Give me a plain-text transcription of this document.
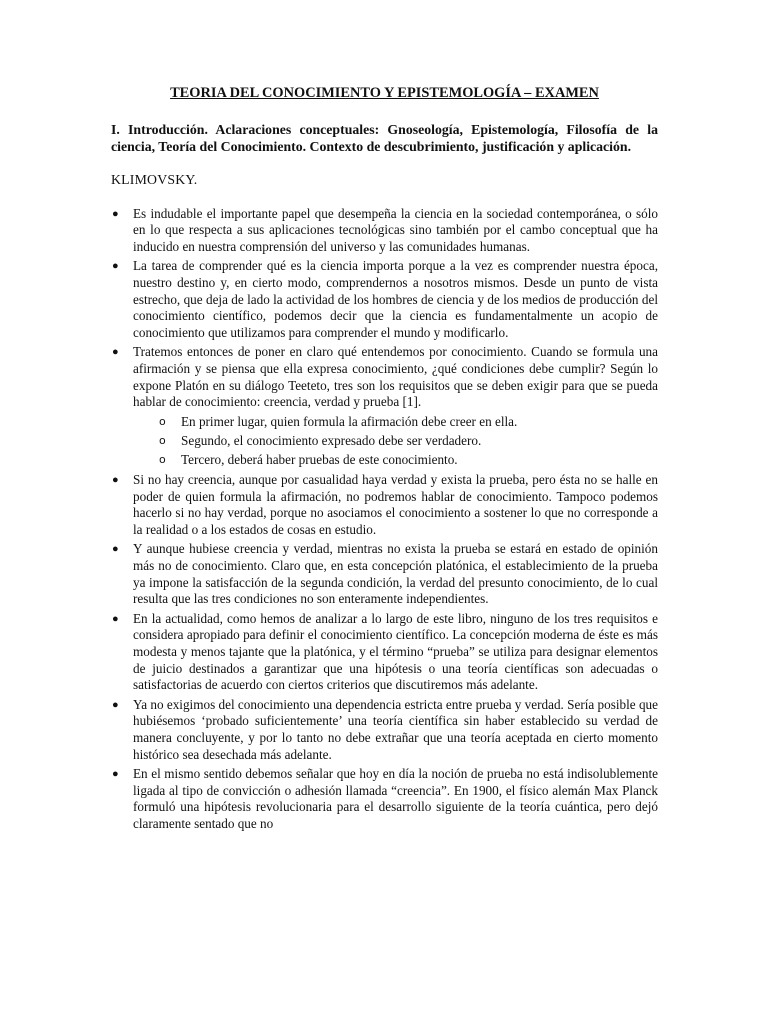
TEORIA DEL CONOCIMIENTO Y EPISTEMOLOGÍA – EXAMEN
I. Introducción. Aclaraciones conceptuales: Gnoseología, Epistemología, Filosofía de la ciencia, Teoría del Conocimiento. Contexto de descubrimiento, justificación y aplicación.
KLIMOVSKY.
● Es indudable el importante papel que desempeña la ciencia en la sociedad contemporánea, o sólo en lo que respecta a sus aplicaciones tecnológicas sino también por el cambo conceptual que ha inducido en nuestra comprensión del universo y las comunidades humanas.
● La tarea de comprender qué es la ciencia importa porque a la vez es comprender nuestra época, nuestro destino y, en cierto modo, comprendernos a nosotros mismos. Desde un punto de vista estrecho, que deja de lado la actividad de los hombres de ciencia y de los medios de producción del conocimiento científico, podemos decir que la ciencia es fundamentalmente un acopio de conocimiento que utilizamos para comprender el mundo y modificarlo.
● Tratemos entonces de poner en claro qué entendemos por conocimiento. Cuando se formula una afirmación y se piensa que ella expresa conocimiento, ¿qué condiciones debe cumplir? Según lo expone Platón en su diálogo Teeteto, tres son los requisitos que se deben exigir para que se pueda hablar de conocimiento: creencia, verdad y prueba [1].
o En primer lugar, quien formula la afirmación debe creer en ella.
o Segundo, el conocimiento expresado debe ser verdadero.
o Tercero, deberá haber pruebas de este conocimiento.
● Si no hay creencia, aunque por casualidad haya verdad y exista la prueba, pero ésta no se halle en poder de quien formula la afirmación, no podremos hablar de conocimiento. Tampoco podemos hacerlo si no hay verdad, porque no asociamos el conocimiento a sostener lo que no corresponde a la realidad o a los estados de cosas en estudio.
● Y aunque hubiese creencia y verdad, mientras no exista la prueba se estará en estado de opinión más no de conocimiento. Claro que, en esta concepción platónica, el establecimiento de la prueba ya impone la satisfacción de la segunda condición, la verdad del presunto conocimiento, de lo cual resulta que las tres condiciones no son enteramente independientes.
● En la actualidad, como hemos de analizar a lo largo de este libro, ninguno de los tres requisitos e considera apropiado para definir el conocimiento científico. La concepción moderna de éste es más modesta y menos tajante que la platónica, y el término “prueba” se utiliza para designar elementos de juicio destinados a garantizar que una hipótesis o una teoría científicas son adecuadas o satisfactorias de acuerdo con ciertos criterios que discutiremos más adelante.
● Ya no exigimos del conocimiento una dependencia estricta entre prueba y verdad. Sería posible que hubiésemos ‘probado suficientemente’ una teoría científica sin haber establecido su verdad de manera concluyente, y por lo tanto no debe extrañar que una teoría aceptada en cierto momento histórico sea desechada más adelante.
● En el mismo sentido debemos señalar que hoy en día la noción de prueba no está indisolublemente ligada al tipo de convicción o adhesión llamada “creencia”. En 1900, el físico alemán Max Planck formuló una hipótesis revolucionaria para el desarrollo siguiente de la teoría cuántica, pero dejó claramente sentado que no
